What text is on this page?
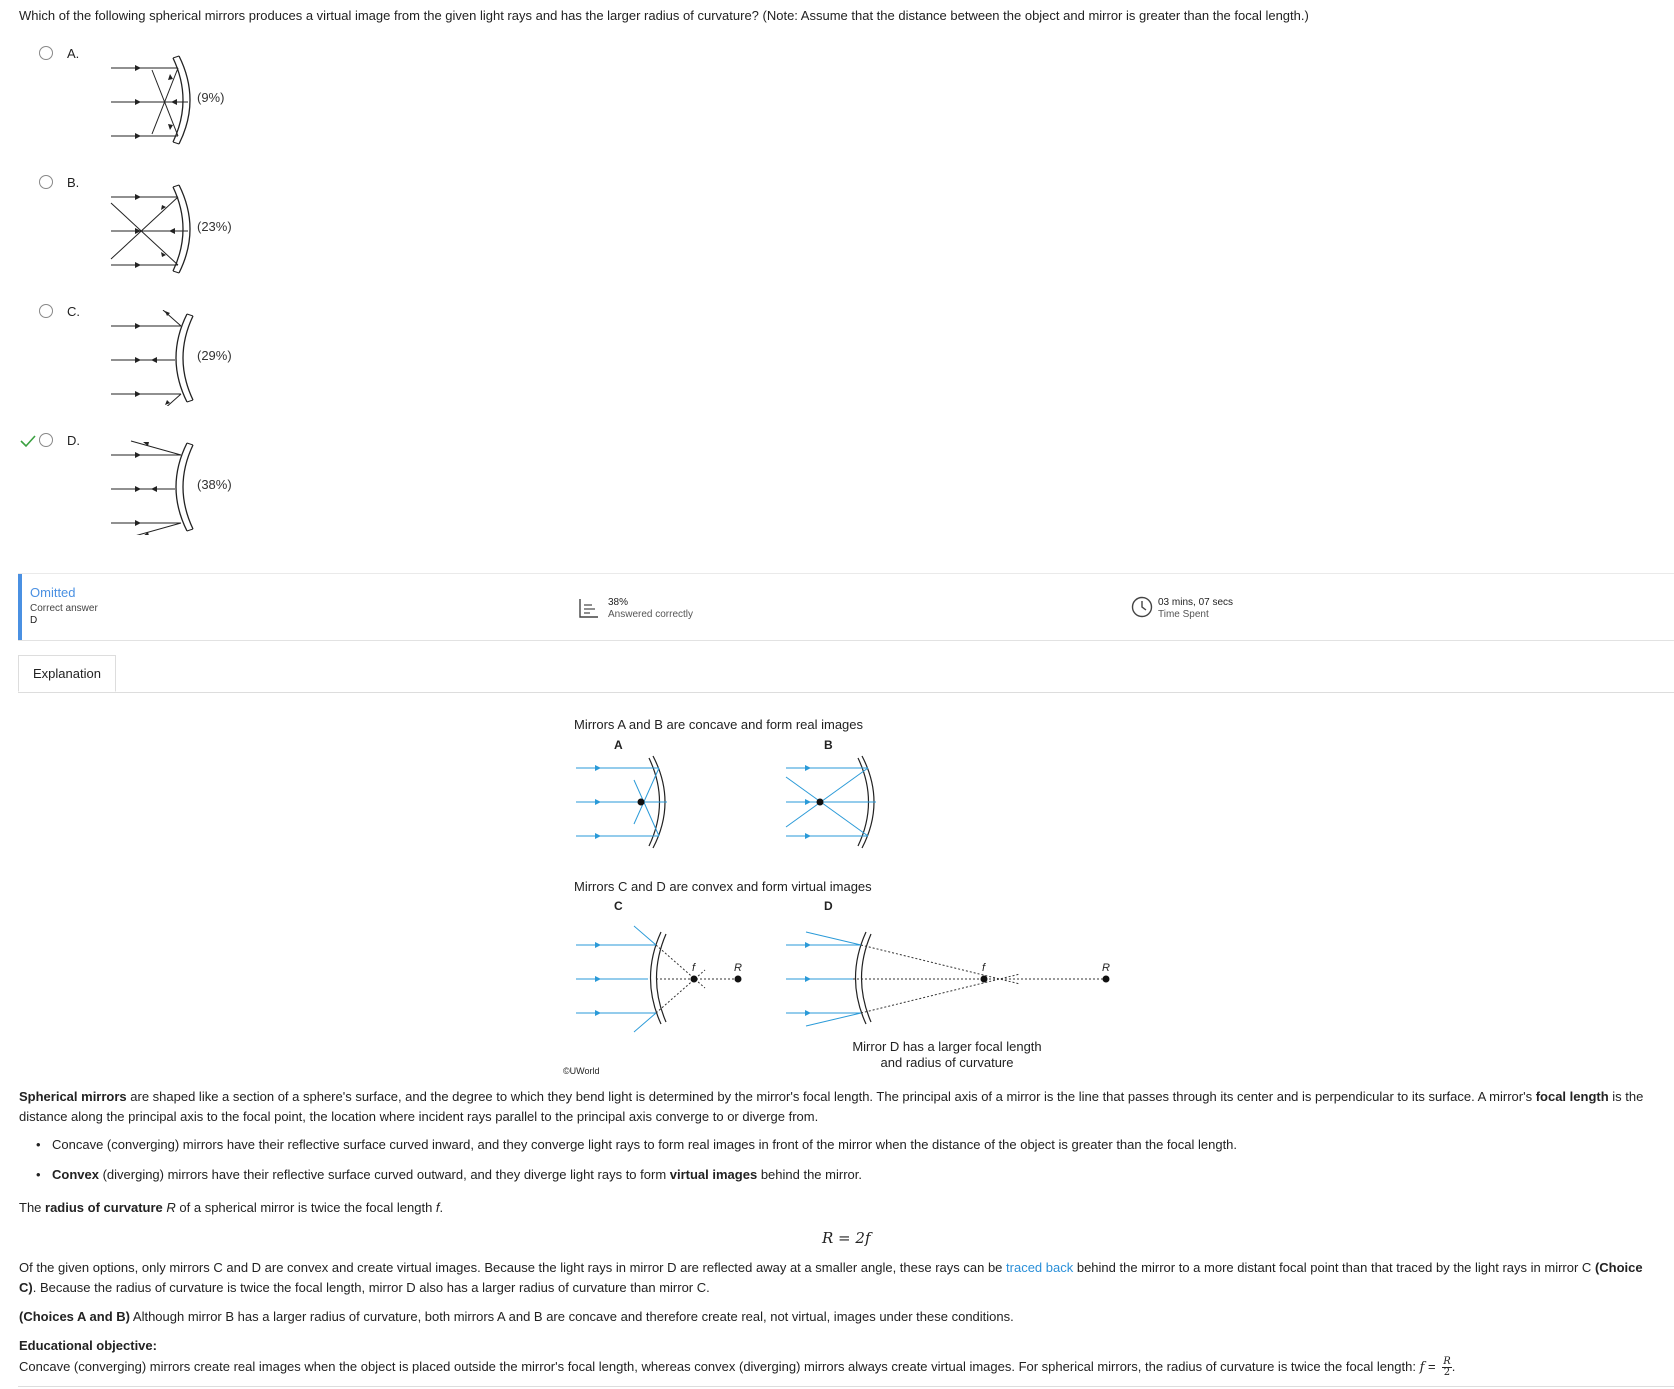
Which of the following spherical mirrors produces a virtual image from the given light rays and has the larger radius of curvature? (Note: Assume that the distance between the object and mirror is greater than the focal length.)
A.
(9%)
B.
(23%)
C.
(29%)
D.
(38%)
Omitted
Correct answer
D
38%
Answered correctly
03 mins, 07 secs
Time Spent
Explanation
Mirrors A and B are concave and form real images
A	B
Mirrors C and D are convex and form virtual images
C	D
f	R	f	R
Mirror D has a larger focal length
and radius of curvature
©UWorld
Spherical mirrors are shaped like a section of a sphere's surface, and the degree to which they bend light is determined by the mirror's focal length. The principal axis of a mirror is the line that passes through its center and is perpendicular to its surface. A mirror's focal length is the
distance along the principal axis to the focal point, the location where incident rays parallel to the principal axis converge to or diverge from.
• Concave (converging) mirrors have their reflective surface curved inward, and they converge light rays to form real images in front of the mirror when the distance of the object is greater than the focal length.
• Convex (diverging) mirrors have their reflective surface curved outward, and they diverge light rays to form virtual images behind the mirror.
The radius of curvature R of a spherical mirror is twice the focal length f.
R = 2f
Of the given options, only mirrors C and D are convex and create virtual images. Because the light rays in mirror D are reflected away at a smaller angle, these rays can be traced back behind the mirror to a more distant focal point than that traced by the light rays in mirror C (Choice
C). Because the radius of curvature is twice the focal length, mirror D also has a larger radius of curvature than mirror C.
(Choices A and B) Although mirror B has a larger radius of curvature, both mirrors A and B are concave and therefore create real, not virtual, images under these conditions.
Educational objective:
Concave (converging) mirrors create real images when the object is placed outside the mirror's focal length, whereas convex (diverging) mirrors always create virtual images. For spherical mirrors, the radius of curvature is twice the focal length: $f = \frac{R}{2}$ .
